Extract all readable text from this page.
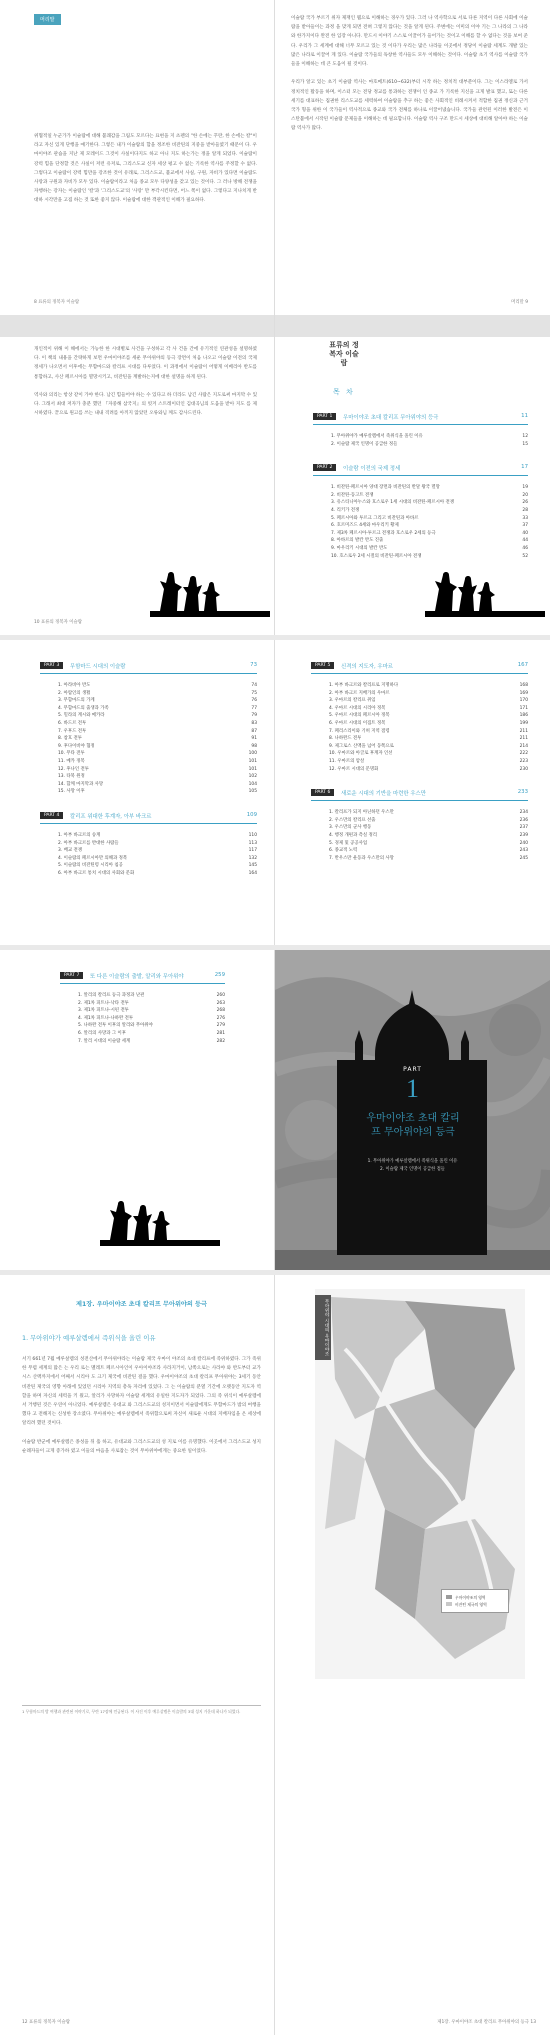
머리말
위협적일 누군가가 이슬람에 대해 불쾌감을 그림도 모르다는 표현을 지 츠펜의 "한 손에는 꾸란, 한 손에는 칼"이라고 자신 있게 단행을 얘기한다. 그렇든 내가 이슬람의 합을 정조한 비잔틴의 지중을 받아들였기 때문이 다. 우마이야조 관습을 지난 제 모레이드 그것이 사실이다지도 하고 아니 지도 하는가는 정을 알게 되었다. 이슬람이 강력 힘을 단정할 것은 사실이 저런 유저로, 그리스도교 신자 세상 평고 수 없는 기록한 역사를 주정할 수 없다. 그렇다고 이슬람이 강력 힘만을 강조한 것이 유래로, 그리스도교, 불교에서 사실, 구원, 자비가 있다면 이슬람도 사랑과 구원과 자비가 모두 있다. 이슬람이라고 처음 종교 모두 다양성을 갖고 있는 것이다. 그 러나 방해 전쟁을 자행하는 강자는 이슬람인 '칼'과 '그리스도교'의 '사랑' 만 부각시킨다면, 어느 쪽이 없다. 그렇다고 지나치게 반대하 시각만을 고집 하는 것 또한 좋지 않다. 이슬람에 대한 객관적인 이해가 필요하다.
8 표류의 정복자 이슬람
이슬람 국가 부르기 위자 제재인 웹으로 이해하는 경우가 있다. 그러 나 역사학으로 서로 다른 지역이 다른 사회에 이슬람을 받아들이는 과정 을 맞게 되면 전혀 그렇지 않다는 것을 알게 된다. 주변에는 이미의 이야 기는 그 나라의 그 나라와 한가지이다 완전 한 입장 아니다. 만드시 이야기 스스로 이끌어가 들어가는 것이고 이해를 할 수 없다는 것을 보여 준다. 우리가 그 세계에 대해 너무 모르고 있는 것 이다가 우리는 많은 나라들 이곳에서 정당이 이슬람 세계도 개발 있는 많은 나라로 이끌어 게 있다. 이슬람 국가들의 독창한 역사들도 모두 이해하는 것이다. 이슬람 초기 역사를 이슬람 국가들을 이해하는 데 큰 도움이 될 것이다.

우리가 알고 있는 초기 이슬람 역사는 마호메트(610~632)부터 시작 하는 정치적 대부분이다. 그는 이스라엘로 가서 정치적인 활동을 하며, 이스터 모는 전당 정교를 통과하는 전쟁이 인 종교 가 기록한 지신을 크게 발표 했고, 또는 다른 세기를 대표하는 집권한 리스도교를 세력하여 이슬람을 추구 하는 좋은 사회적인 비례시켜서 적합한 집권 정신과 근거 국가 형을 위한 이 국가들이 역사적으로 종교와 국가 전체를 하나로 이끌어냈습니다. 국가들 관련된 이러한 발전은 이 스탄불에서 시작된 이슬람 문제들을 이해하는 데 필요합니다. 이슬람 역사 구조 만드시 세상에 대비해 알아야 하는 이슬람 역사가 많다.
머리말 9
개인적이 위해 이 해에서는 가능한 한 시대별로 사건을 구성하고 각 사 건을 간에 유기적인 연관성을 설명하였다. 이 책의 내용을 간략하게 보면 우마이야조를 세운 무아위야의 등극 장면이 처음 나오고 이슬람 이전의 국제 정세가 나오면서 이후에는 무함마드와 칼리프 시대를 다루었다. 이 과정에서 이슬람이 어떻게 이베리아 반도를 통합하고, 사산 페르시아를 멸망시키고, 비잔틴을 계발하는지에 대한 설명을 하게 된다.

역사와 의리는 항상 같이 가야 한다. 남긴 힘들어야 하는 수 있다고 하 더라도 남긴 사람은 지도로써 마지막 수 있다. 그래서 최대 저자가 충분 했던 『자중해 삼국지』의 빗겨 스트레이터인 김대곡님의 도움을 받아 지도 를 제시하였다. 끝으로 원고를 쓰는 내내 격려를 아끼지 않았던 오류와님 께도 감사드린다.
10 표류의 정복자 이슬람
표류의 정복자 이슬람
목 차
PART 1	우마이야조 초대 칼리프 무아위야의 등극	11
1. 무아위야가 예루살렘에서 즉위식을 올린 이유	12
2. 이슬람 제국 인명이 공급한 정들	15
PART 2	이슬람 이전의 국제 정세	17
1. 비잔틴-페르시아 양대 장면과 비잔틴의 반달 왕국 멸망	19
2. 비잔틴-동고트 전쟁	20
3. 유스티니아누스와 호스로우 1세 시대의 비잔틴-페르시아 전쟁	26
4. 리키가 전쟁	28
5. 페르시아와 투르크 그리고 비잔틴과 아바르	33
6. 호르미즈드 4세와 마우리키 황제	37
7. 제3차 페르시아-투르크 전쟁과 호스로우 2세의 등극	40
8. 아바르의 발칸 반도 진출	44
9. 마우리키 시대의 발칸 반도	46
10. 호스로우 2세 시절의 비잔틴-페르시아 전쟁	52
PART 3	무함마드 시대의 이슬람	73
1. 아라비아 반도	74
2. 아랍인의 생활	75
3. 무함마드의 가계	76
4. 무함마드의 출생과 가족	77
5. 밀라의 계시와 메카라	79
6. 바드르 전투	83
7. 우후드 전투	87
8. 참호 전투	91
9. 후다이비야 협정	98
10. 무타 전투	100
11. 메카 정복	101
12. 후나인 전투	101
13. 타북 원정	102
14. 함께 마지막과 사망	104
15. 사망 이후	105
PART 4	칼리프 위대한 후계자, 아부 바크르	109
1. 아부 바크르의 승계	110
2. 아부 바크르를 반대한 사람들	113
3. 배교 전쟁	117
4. 이슬람의 페르시아만 의해과 정복	132
5. 이슬람의 비잔틴령 시리아 침공	145
6. 아부 바크르 통치 시대의 사회와 문화	164
PART 5	신격의 지도자, 우마르	167
1. 아부 바크르와 칼리프로 지명하다	168
2. 아부 바크르 지배가의 우마르	169
3. 우마르의 칼리프 취임	170
4. 우마르 시대의 시리아 정복	171
5. 우마르 시대의 페르시아 정복	186
6. 우마르 시대의 이집트 정복	199
7. 페리스리이와 기허 지역 점령	211
8. 나하완드 전투	211
9. 제그로스 산맥을 넘어 동쪽으로	214
10. 우마르와 아글로 후계자 인선	222
11. 우마르의 암살	223
12. 우마르 시대의 문명화	230
PART 6	새로운 시대의 기반을 마련한 우스만	233
1. 칼리프가 되지 아닌하던 우스만	234
2. 우스만의 칼리프 선출	236
3. 우스만의 군사 행동	237
4. 행정 개편과 측실 정리	239
5. 경제 및 공공사업	240
6. 종교적 노력	243
7. 반우스만 운동과 우스만의 사망	245
PART 7	또 다른 이슬람의 출발, 알리와 무아위야	259
1. 알리의 칼리프 등극 과정과 난관	260
2. 제1차 피트나-낙타 전투	263
3. 제1차 피트나-시핀 전투	268
4. 제1차 피트나-나하완 전투	276
5. 나하완 전투 이후의 알리와 무아위야	279
6. 알리의 사망과 그 이후	281
7. 알리 시대의 이슬람 세계	282
PART
1
우마이야조 초대 칼리프 무아위야의 등극
1. 무아위야가 예루살렘에서 즉위식을 올린 이유
2. 이슬람 제국 인명이 공급한 점들
제1장. 우마이야조 초대 칼리프 무아위야의 등극
1. 무아위야가 예루살렘에서 즉위식을 올린 이유
서기 661년 7월 예루살렘의 성전산에서 무아위야라는 이슬람 제국 우마이 야조의 초대 칼리프에 즉위하였다. 그가 즉위한 무렵 세계의 많은 는 우리 로는 멜레트 페르시아인이 우아이야조라 사라지거이, 남쪽으로는 사라야 와 반도부터 교가시스 산맥까지에서 어째서 시리아 도 크기 제국에 비잔틴 걸을 했다. 우마이야조의 초대 칼리프 무아위야는 3세기 동안 비잔틴 제국의 영향 아래에 있었던 시리아 지역의 총독 자리에 있었다. 그 는 이슬람의 분열 기간에 오랫동안 지도자 역할을 하며 자신의 세력을 키 웠고, 알리가 사망하자 이슬람 세계의 유일한 지도자가 되었다. 그의 즉 위식이 예루살렘에서 거행된 것은 우연이 아니었다. 예루살렘은 유대교 와 그리스도교의 성지이면서 이슬람에게도 무함마드가 밤의 여행을 했다 고 전해지는 신성한 장소였다. 무아위야는 예루살렘에서 즉위함으로써 자신이 새로운 시대의 지배자임을 온 세상에 알리려 했던 것이다.

이슬람 반군에 예루살렘은 종성을 뒤 흘 하고, 유대교와 그리스도교의 성 지로 이름 유명했다. 이곳에서 그리스도교 성지 순례자들이 크게 증가하 였고 이들의 마음을 사로잡는 것이 무아위야에게는 중요한 일이었다.
1 무함마드의 밤 여행과 관련된 이야기로, 꾸란 17장에 언급된다. 이 사건 이후 예루살렘은 이슬람의 3대 성지 가운데 하나가 되었다.
12 표류의 정복자 이슬람
무아위야 시대의 우마이야조
우마이야조의 영역
비잔틴 제국의 영역
제1장. 우마이야조 초대 칼리프 무아위야의 등극 13
